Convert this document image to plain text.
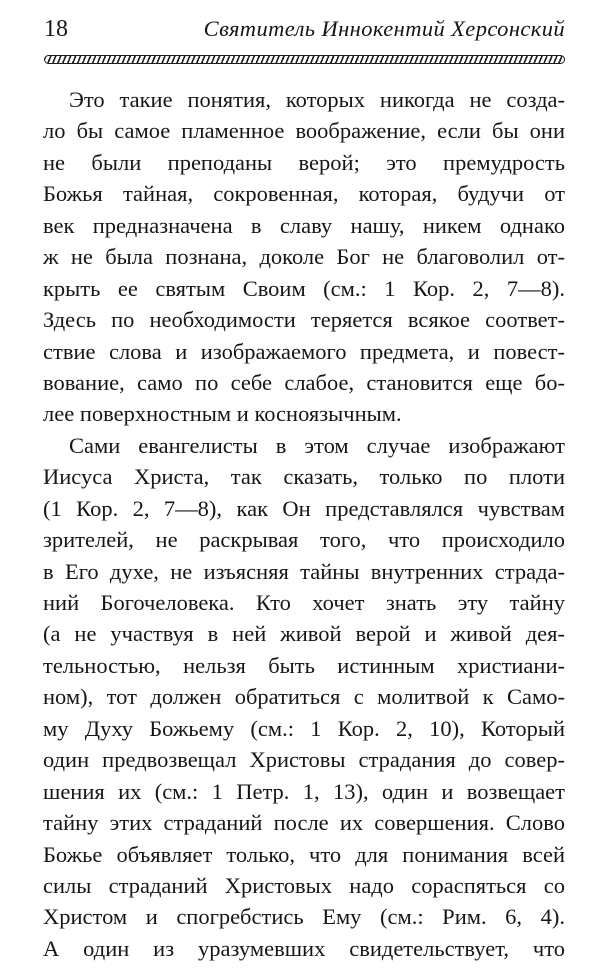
18	Святитель Иннокентий Херсонский
Это такие понятия, которых никогда не созда-
ло бы самое пламенное воображение, если бы они
не были преподаны верой; это премудрость
Божья тайная, сокровенная, которая, будучи от
век предназначена в славу нашу, никем однако
ж не была познана, доколе Бог не благоволил от-
крыть ее святым Своим (см.: 1 Кор. 2, 7—8).
Здесь по необходимости теряется всякое соответ-
ствие слова и изображаемого предмета, и повест-
вование, само по себе слабое, становится еще бо-
лее поверхностным и косноязычным.
Сами евангелисты в этом случае изображают
Иисуса Христа, так сказать, только по плоти
(1 Кор. 2, 7—8), как Он представлялся чувствам
зрителей, не раскрывая того, что происходило
в Его духе, не изъясняя тайны внутренних страда-
ний Богочеловека. Кто хочет знать эту тайну
(а не участвуя в ней живой верой и живой дея-
тельностью, нельзя быть истинным христиани-
ном), тот должен обратиться с молитвой к Само-
му Духу Божьему (см.: 1 Кор. 2, 10), Который
один предвозвещал Христовы страдания до совер-
шения их (см.: 1 Петр. 1, 13), один и возвещает
тайну этих страданий после их совершения. Слово
Божье объявляет только, что для понимания всей
силы страданий Христовых надо сораспяться со
Христом и спогребстись Ему (см.: Рим. 6, 4).
А один из уразумевших свидетельствует, что
